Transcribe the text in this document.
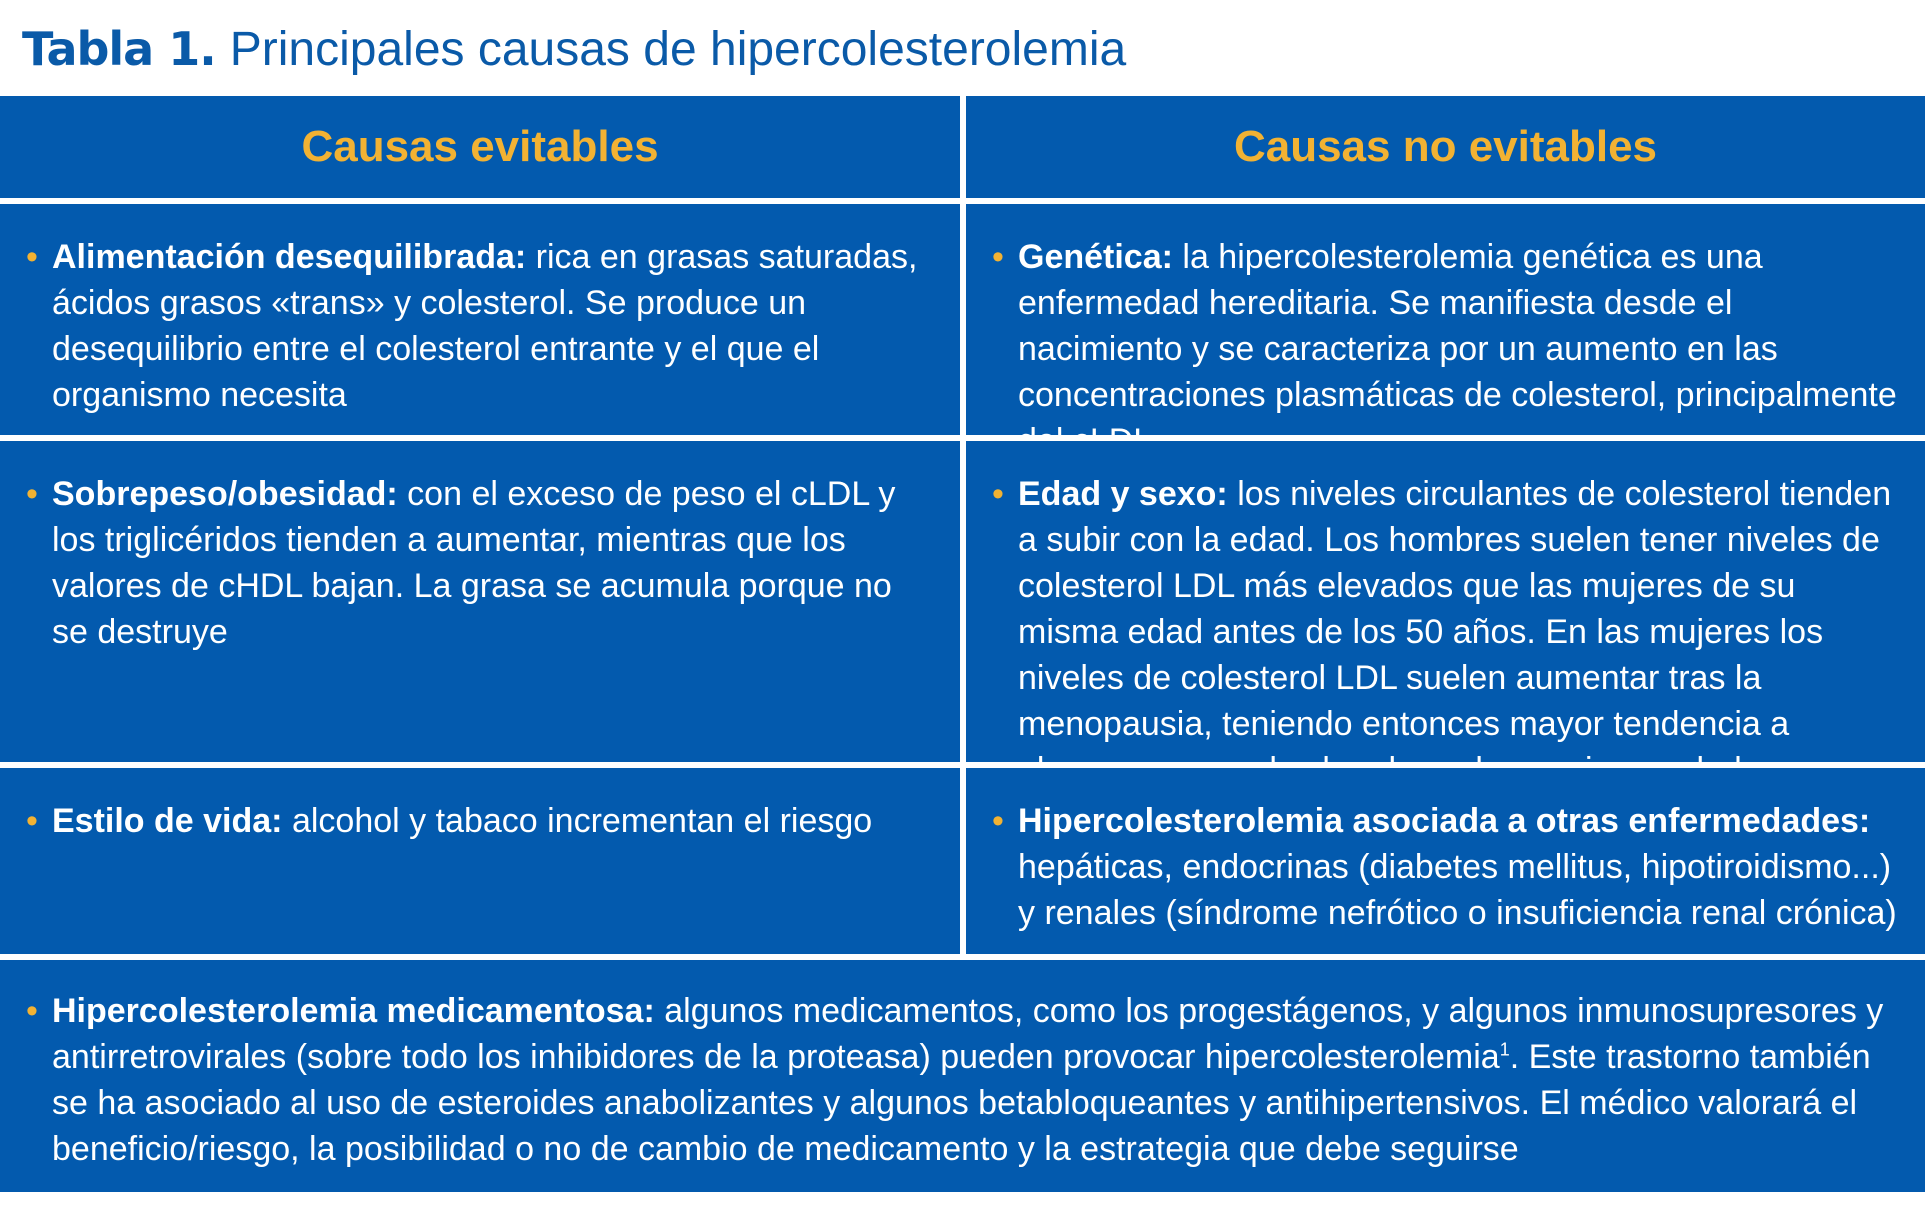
Tabla 1. Principales causas de hipercolesterolemia
Causas evitables	Causas no evitables
• Alimentación desequilibrada: rica en grasas saturadas, ácidos grasos «trans» y colesterol. Se produce un desequilibrio entre el colesterol entrante y el que el organismo necesita
• Genética: la hipercolesterolemia genética es una enfermedad hereditaria. Se manifiesta desde el nacimiento y se caracteriza por un aumento en las concentraciones plasmáticas de colesterol, principalmente
• Sobrepeso/obesidad: con el exceso de peso el cLDL y los triglicéridos tienden a aumentar, mientras que los valores de cHDL bajan. La grasa se acumula porque no se destruye
• Edad y sexo: los niveles circulantes de colesterol tienden a subir con la edad. Los hombres suelen tener niveles de colesterol LDL más elevados que las mujeres de su misma edad antes de los 50 años. En las mujeres los niveles de colesterol LDL suelen aumentar tras la menopausia, teniendo entonces mayor tendencia a
• Estilo de vida: alcohol y tabaco incrementan el riesgo	• Hipercolesterolemia asociada a otras enfermedades: hepáticas, endocrinas (diabetes mellitus, hipotiroidismo...) y renales (síndrome nefrótico o insuficiencia renal crónica)
• Hipercolesterolemia medicamentosa: algunos medicamentos, como los progestágenos, y algunos inmunosupresores y antirretrovirales (sobre todo los inhibidores de la proteasa) pueden provocar hipercolesterolemia$^1$. Este trastorno también se ha asociado al uso de esteroides anabolizantes y algunos betabloqueantes y antihipertensivos. El médico valorará el beneficio/riesgo, la posibilidad o no de cambio de medicamento y la estrategia que debe seguirse
